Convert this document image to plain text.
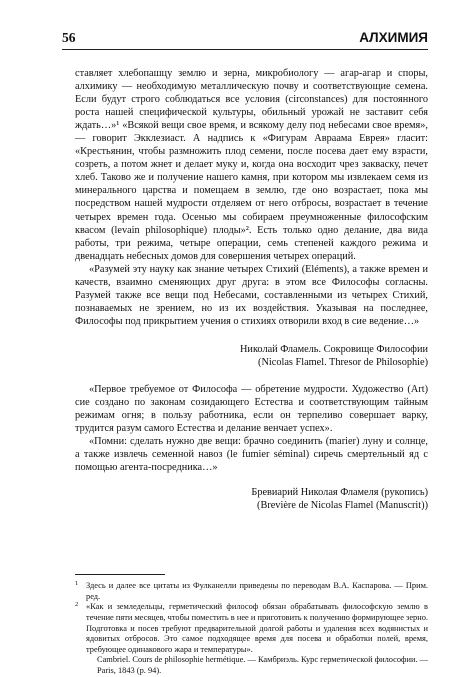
56	АЛХИМИЯ

ставляет хлебопашцу землю и зерна, микробиологу — агар-агар и споры, алхимику — необходимую металлическую почву и соответствующие семена. Если будут строго соблюдаться все условия (circonstances) для постоянного роста нашей специфической культуры, обильный урожай не заставит себя ждать…»¹ «Всякой вещи свое время, и всякому делу под небесами свое время», — говорит Экклезиаст. А надпись к «Фигурам Авраама Еврея» гласит: «Крестьянин, чтобы размножить плод семени, после посева дает ему взрасти, созреть, а потом жнет и делает муку и, когда она восходит чрез закваску, печет хлеб. Таково же и получение нашего камня, при котором мы извлекаем семя из минерального царства и помещаем в землю, где оно возрастает, пока мы посредством нашей мудрости отделяем от него отбросы, возрастает в течение четырех времен года. Осенью мы собираем преумноженные философским квасом (levain philosophique) плоды»². Есть только одно делание, два вида работы, три режима, четыре операции, семь степеней каждого режима и двенадцать небесных домов для совершения четырех операций.

«Разумей эту науку как знание четырех Стихий (Eléments), а также времен и качеств, взаимно сменяющих друг друга: в этом все Философы согласны. Разумей также все вещи под Небесами, составленными из четырех Стихий, познаваемых не зрением, но из их воздействия. Указывая на последнее, Философы под прикрытием учения о стихиях отворили вход в сие ведение…»

Николай Фламель. Сокровище Философии

(Nicolas Flamel. Thresor de Philosophie)

«Первое требуемое от Философа — обретение мудрости. Художество (Art) сие создано по законам созидающего Естества и соответствующим тайным режимам огня; в пользу работника, если он терпеливо совершает варку, трудится разум самого Естества и делание венчает успех».

«Помни: сделать нужно две вещи: брачно соединить (marier) луну и солнце, а также извлечь семенной навоз (le fumier séminal) сиречь смертельный яд с помощью агента-посредника…»

Бревиарий Николая Фламеля (рукопись)

(Brevière de Nicolas Flamel (Manuscrit))

1 Здесь и далее все цитаты из Фулканелли приведены по переводам В.А. Каспарова. — Прим. ред.

2 «Как и земледельцы, герметический философ обязан обрабатывать философскую землю в течение пяти месяцев, чтобы поместить в нее и приготовить к получению формирующее зерно. Подготовка и посев требуют предварительной долгой работы и удаления всех водянистых и ядовитых отбросов. Это самое подходящее время для посева и обработки полей, время, требующее одинакового жара и температуры».

Cambriel. Cours de philosophie hermétique. — Камбриэль. Курс герметической философии. — Paris, 1843 (p. 94).
